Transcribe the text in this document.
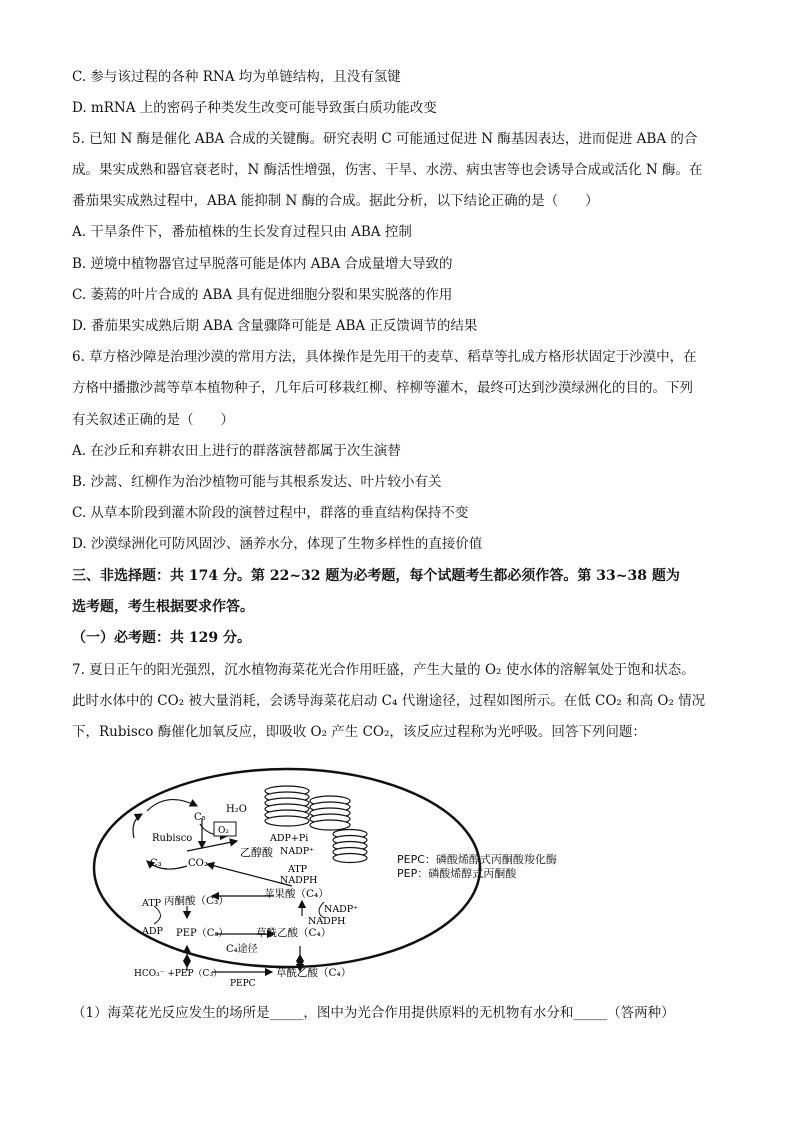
C. 参与该过程的各种 RNA 均为单链结构，且没有氢键
D. mRNA 上的密码子种类发生改变可能导致蛋白质功能改变
5. 已知 N 酶是催化 ABA 合成的关键酶。研究表明 C 可能通过促进 N 酶基因表达，进而促进 ABA 的合
成。果实成熟和器官衰老时，N 酶活性增强，伤害、干旱、水涝、病虫害等也会诱导合成或活化 N 酶。在
番茄果实成熟过程中，ABA 能抑制 N 酶的合成。据此分析，以下结论正确的是（　　）
A. 干旱条件下，番茄植株的生长发育过程只由 ABA 控制
B. 逆境中植物器官过早脱落可能是体内 ABA 合成量增大导致的
C. 萎蔫的叶片合成的 ABA 具有促进细胞分裂和果实脱落的作用
D. 番茄果实成熟后期 ABA 含量骤降可能是 ABA 正反馈调节的结果
6. 草方格沙障是治理沙漠的常用方法，具体操作是先用干的麦草、稻草等扎成方格形状固定于沙漠中，在
方格中播撒沙蒿等草本植物种子，几年后可移栽红柳、梓柳等灌木，最终可达到沙漠绿洲化的目的。下列
有关叙述正确的是（　　）
A. 在沙丘和弃耕农田上进行的群落演替都属于次生演替
B. 沙蒿、红柳作为治沙植物可能与其根系发达、叶片较小有关
C. 从草本阶段到灌木阶段的演替过程中，群落的垂直结构保持不变
D. 沙漠绿洲化可防风固沙、涵养水分，体现了生物多样性的直接价值
三、非选择题：共 174 分。第 22~32 题为必考题，每个试题考生都必须作答。第 33~38 题为
选考题，考生根据要求作答。
（一）必考题：共 129 分。
7. 夏日正午的阳光强烈，沉水植物海菜花光合作用旺盛，产生大量的 O₂ 使水体的溶解氧处于饱和状态。
此时水体中的 CO₂ 被大量消耗，会诱导海菜花启动 C₄ 代谢途径，过程如图所示。在低 CO₂ 和高 O₂ 情况
下，Rubisco 酶催化加氧反应，即吸收 O₂ 产生 CO₂，该反应过程称为光呼吸。回答下列问题：
C₅
H₂O
O₂
Rubisco	ADP+Pi
NADP⁺
C₃	CO₂
乙醇酸
ATP
NADPH
苹果酸（C₄）
ATP 丙酮酸（C₃）
NADP⁺
NADPH
ADP PEP（C₃）	草酰乙酸（C₄）
C₄途径
HCO₃⁻ +PEP（C₃）
PEPC
草酰乙酸（C₄）
PEPC：磷酸烯醇式丙酮酸羧化酶
PEP：磷酸烯醇式丙酮酸
（1）海菜花光反应发生的场所是_____，图中为光合作用提供原料的无机物有水分和_____（答两种）
